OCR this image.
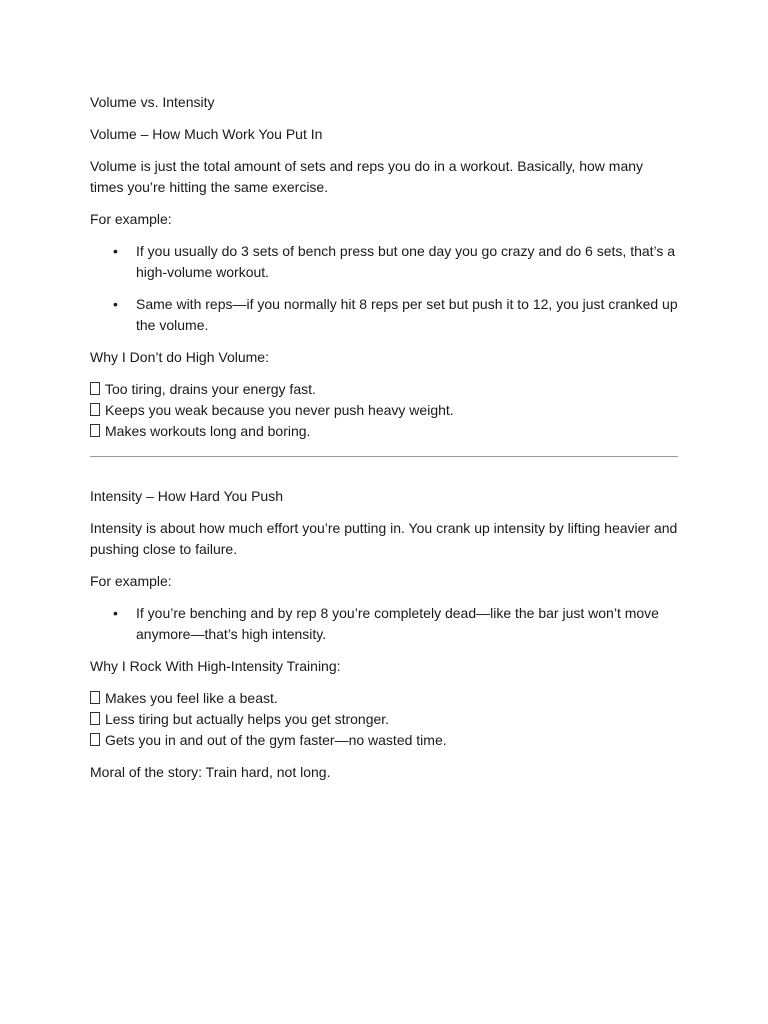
Volume vs. Intensity

Volume – How Much Work You Put In

Volume is just the total amount of sets and reps you do in a workout. Basically, how many times you’re hitting the same exercise.

For example:

• If you usually do 3 sets of bench press but one day you go crazy and do 6 sets, that’s a high-volume workout.
• Same with reps—if you normally hit 8 reps per set but push it to 12, you just cranked up the volume.

Why I Don’t do High Volume:

Too tiring, drains your energy fast.
Keeps you weak because you never push heavy weight.
Makes workouts long and boring.

Intensity – How Hard You Push

Intensity is about how much effort you’re putting in. You crank up intensity by lifting heavier and pushing close to failure.

For example:

• If you’re benching and by rep 8 you’re completely dead—like the bar just won’t move anymore—that’s high intensity.

Why I Rock With High-Intensity Training:

Makes you feel like a beast.
Less tiring but actually helps you get stronger.
Gets you in and out of the gym faster—no wasted time.

Moral of the story: Train hard, not long.
